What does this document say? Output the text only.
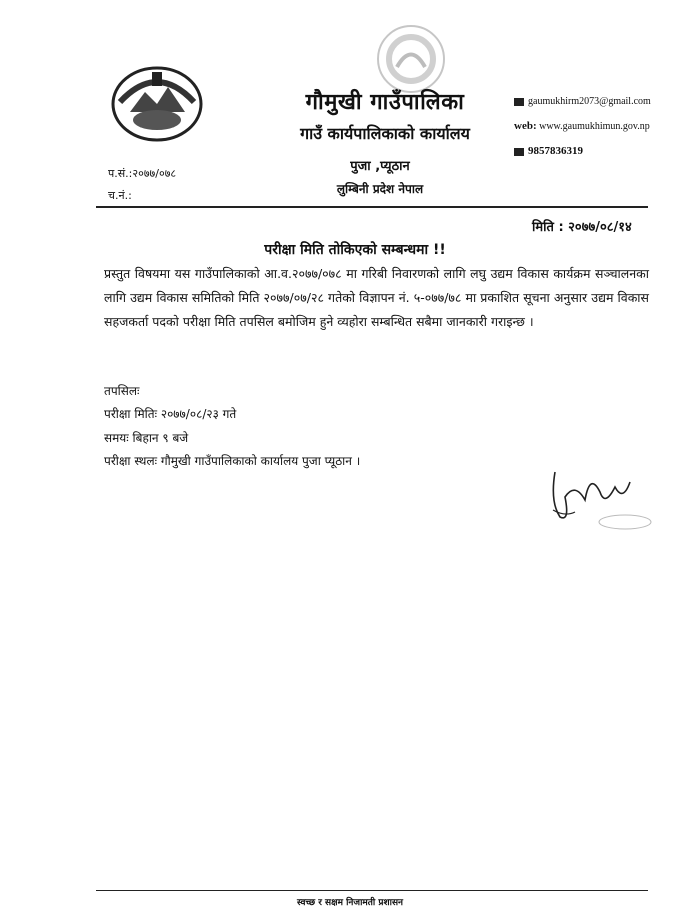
गौमुखी गाउँपालिका
गाउँ कार्यपालिकाको कार्यालय
पुजा ,प्यूठान
लुम्बिनी प्रदेश नेपाल
gaumukhirm2073@gmail.com
web: www.gaumukhimun.gov.np
9857836319
प.सं.:२०७७/०७८
च.नं.:
मिति : २०७७/०८/१४
परीक्षा मिति तोकिएको सम्बन्धमा !!
प्रस्तुत विषयमा यस गाउँपालिकाको आ.व.२०७७/०७८ मा गरिबी निवारणको लागि लघु उद्यम विकास कार्यक्रम सञ्चालनका लागि उद्यम विकास समितिको मिति २०७७/०७/२८ गतेको विज्ञापन नं. ५-०७७/७८ मा प्रकाशित सूचना अनुसार उद्यम विकास सहजकर्ता पदको परीक्षा मिति तपसिल बमोजिम हुने व्यहोरा सम्बन्धित सबैमा जानकारी गराइन्छ ।
तपसिलः
परीक्षा मितिः २०७७/०८/२३ गते
समयः बिहान ९ बजे
परीक्षा स्थलः गौमुखी गाउँपालिकाको कार्यालय पुजा प्यूठान ।
स्वच्छ र सक्षम निजामती प्रशासन
